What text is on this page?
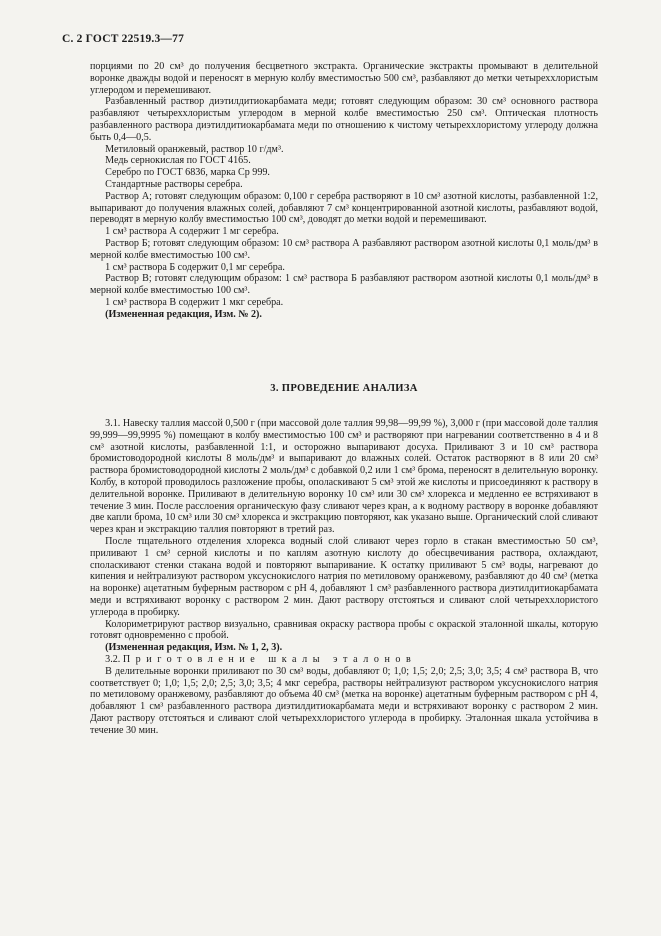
С. 2 ГОСТ 22519.3—77

порциями по 20 см³ до получения бесцветного экстракта. Органические экстракты промывают в делительной воронке дважды водой и переносят в мерную колбу вместимостью 500 см³, разбавляют до метки четыреххлористым углеродом и перемешивают.

Разбавленный раствор диэтилдитиокарбамата меди; готовят следующим образом: 30 см³ основного раствора разбавляют четыреххлористым углеродом в мерной колбе вместимостью 250 см³. Оптическая плотность разбавленного раствора диэтилдитиокарбамата меди по отношению к чистому четыреххлористому углероду должна быть 0,4—0,5.

Метиловый оранжевый, раствор 10 г/дм³.

Медь сернокислая по ГОСТ 4165.

Серебро по ГОСТ 6836, марка Ср 999.

Стандартные растворы серебра.

Раствор А; готовят следующим образом: 0,100 г серебра растворяют в 10 см³ азотной кислоты, разбавленной 1:2, выпаривают до получения влажных солей, добавляют 7 см³ концентрированной азотной кислоты, разбавляют водой, переводят в мерную колбу вместимостью 100 см³, доводят до метки водой и перемешивают.

1 см³ раствора А содержит 1 мг серебра.

Раствор Б; готовят следующим образом: 10 см³ раствора А разбавляют раствором азотной кислоты 0,1 моль/дм³ в мерной колбе вместимостью 100 см³.

1 см³ раствора Б содержит 0,1 мг серебра.

Раствор В; готовят следующим образом: 1 см³ раствора Б разбавляют раствором азотной кислоты 0,1 моль/дм³ в мерной колбе вместимостью 100 см³.

1 см³ раствора В содержит 1 мкг серебра.

(Измененная редакция, Изм. № 2).

3. ПРОВЕДЕНИЕ АНАЛИЗА

3.1. Навеску таллия массой 0,500 г (при массовой доле таллия 99,98—99,99 %), 3,000 г (при массовой доле таллия 99,999—99,9995 %) помещают в колбу вместимостью 100 см³ и растворяют при нагревании соответственно в 4 и 8 см³ азотной кислоты, разбавленной 1:1, и осторожно выпаривают досуха. Приливают 3 и 10 см³ раствора бромистоводородной кислоты 8 моль/дм³ и выпаривают до влажных солей. Остаток растворяют в 8 или 20 см³ раствора бромистоводородной кислоты 2 моль/дм³ с добавкой 0,2 или 1 см³ брома, переносят в делительную воронку. Колбу, в которой проводилось разложение пробы, ополаскивают 5 см³ этой же кислоты и присоединяют к раствору в делительной воронке. Приливают в делительную воронку 10 см³ или 30 см³ хлорекса и медленно ее встряхивают в течение 3 мин. После расслоения органическую фазу сливают через кран, а к водному раствору в воронке добавляют две капли брома, 10 см³ или 30 см³ хлорекса и экстракцию повторяют, как указано выше. Органический слой сливают через кран и экстракцию таллия повторяют в третий раз.

После тщательного отделения хлорекса водный слой сливают через горло в стакан вместимостью 50 см³, приливают 1 см³ серной кислоты и по каплям азотную кислоту до обесцвечивания раствора, охлаждают, споласкивают стенки стакана водой и повторяют выпаривание. К остатку приливают 5 см³ воды, нагревают до кипения и нейтрализуют раствором уксуснокислого натрия по метиловому оранжевому, разбавляют до 40 см³ (метка на воронке) ацетатным буферным раствором с рН 4, добавляют 1 см³ разбавленного раствора диэтилдитиокарбамата меди и встряхивают воронку с раствором 2 мин. Дают раствору отстояться и сливают слой четыреххлористого углерода в пробирку.

Колориметрируют раствор визуально, сравнивая окраску раствора пробы с окраской эталонной шкалы, которую готовят одновременно с пробой.

(Измененная редакция, Изм. № 1, 2, 3).

3.2. Приготовление шкалы эталонов

В делительные воронки приливают по 30 см³ воды, добавляют 0; 1,0; 1,5; 2,0; 2,5; 3,0; 3,5; 4 см³ раствора В, что соответствует 0; 1,0; 1,5; 2,0; 2,5; 3,0; 3,5; 4 мкг серебра, растворы нейтрализуют раствором уксуснокислого натрия по метиловому оранжевому, разбавляют до объема 40 см³ (метка на воронке) ацетатным буферным раствором с рН 4, добавляют 1 см³ разбавленного раствора диэтилдитиокарбамата меди и встряхивают воронку с раствором 2 мин. Дают раствору отстояться и сливают слой четыреххлористого углерода в пробирку. Эталонная шкала устойчива в течение 30 мин.
